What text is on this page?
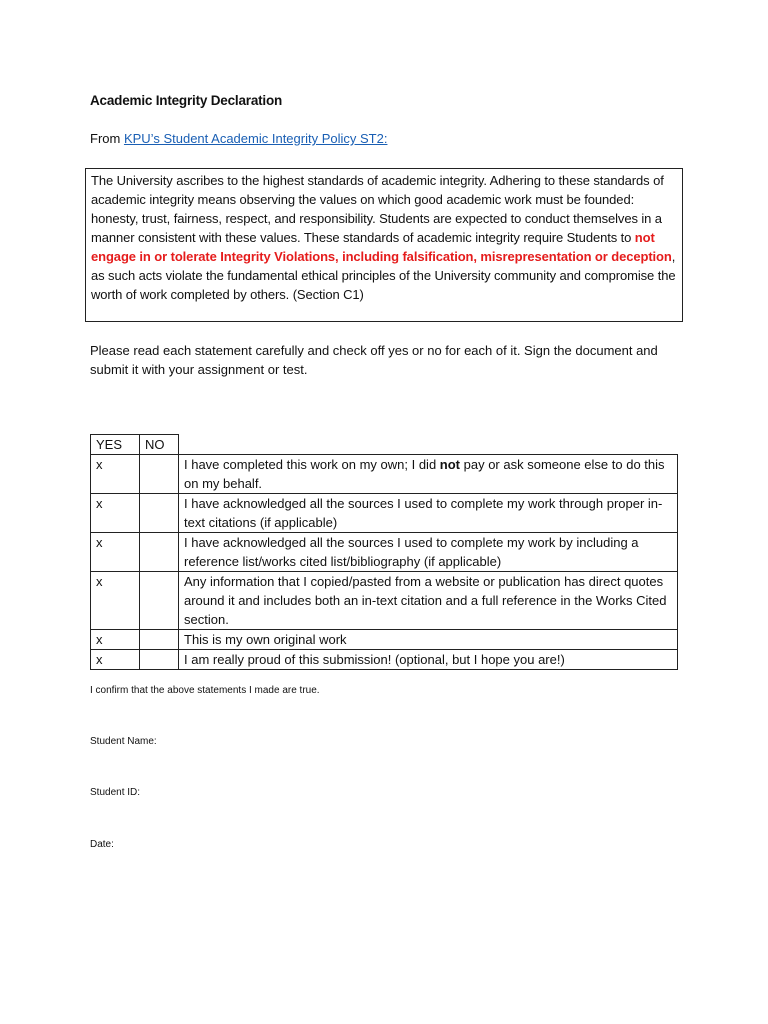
Academic Integrity Declaration
From KPU’s Student Academic Integrity Policy ST2:
The University ascribes to the highest standards of academic integrity. Adhering to these standards of academic integrity means observing the values on which good academic work must be founded: honesty, trust, fairness, respect, and responsibility. Students are expected to conduct themselves in a manner consistent with these values. These standards of academic integrity require Students to not engage in or tolerate Integrity Violations, including falsification, misrepresentation or deception, as such acts violate the fundamental ethical principles of the University community and compromise the worth of work completed by others. (Section C1)
Please read each statement carefully and check off yes or no for each of it. Sign the document and submit it with your assignment or test.
YES	NO	
x		I have completed this work on my own; I did not pay or ask someone else to do this on my behalf.
x		I have acknowledged all the sources I used to complete my work through proper in-text citations (if applicable)
x		I have acknowledged all the sources I used to complete my work by including a reference list/works cited list/bibliography (if applicable)
x		Any information that I copied/pasted from a website or publication has direct quotes around it and includes both an in-text citation and a full reference in the Works Cited section.
x		This is my own original work
x		I am really proud of this submission! (optional, but I hope you are!)
I confirm that the above statements I made are true.
Student Name:
Student ID:
Date:
